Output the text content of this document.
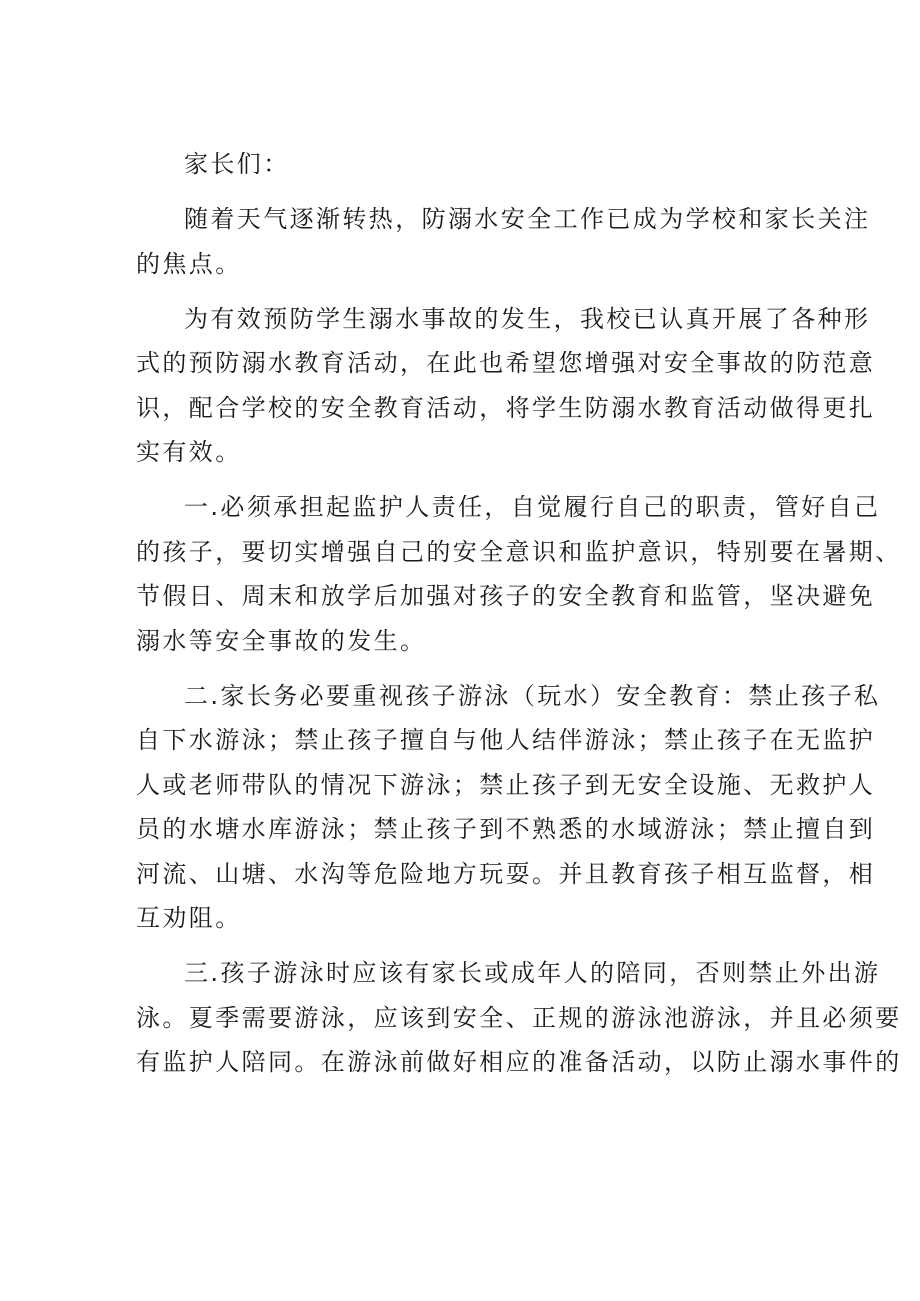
家长们：

随着天气逐渐转热，防溺水安全工作已成为学校和家长关注
的焦点。

为有效预防学生溺水事故的发生，我校已认真开展了各种形
式的预防溺水教育活动，在此也希望您增强对安全事故的防范意
识，配合学校的安全教育活动，将学生防溺水教育活动做得更扎
实有效。

一.必须承担起监护人责任，自觉履行自己的职责，管好自己
的孩子，要切实增强自己的安全意识和监护意识，特别要在暑期、
节假日、周末和放学后加强对孩子的安全教育和监管，坚决避免
溺水等安全事故的发生。

二.家长务必要重视孩子游泳（玩水）安全教育：禁止孩子私
自下水游泳；禁止孩子擅自与他人结伴游泳；禁止孩子在无监护
人或老师带队的情况下游泳；禁止孩子到无安全设施、无救护人
员的水塘水库游泳；禁止孩子到不熟悉的水域游泳；禁止擅自到
河流、山塘、水沟等危险地方玩耍。并且教育孩子相互监督，相
互劝阻。

三.孩子游泳时应该有家长或成年人的陪同，否则禁止外出游
泳。夏季需要游泳，应该到安全、正规的游泳池游泳，并且必须要
有监护人陪同。在游泳前做好相应的准备活动，以防止溺水事件的
